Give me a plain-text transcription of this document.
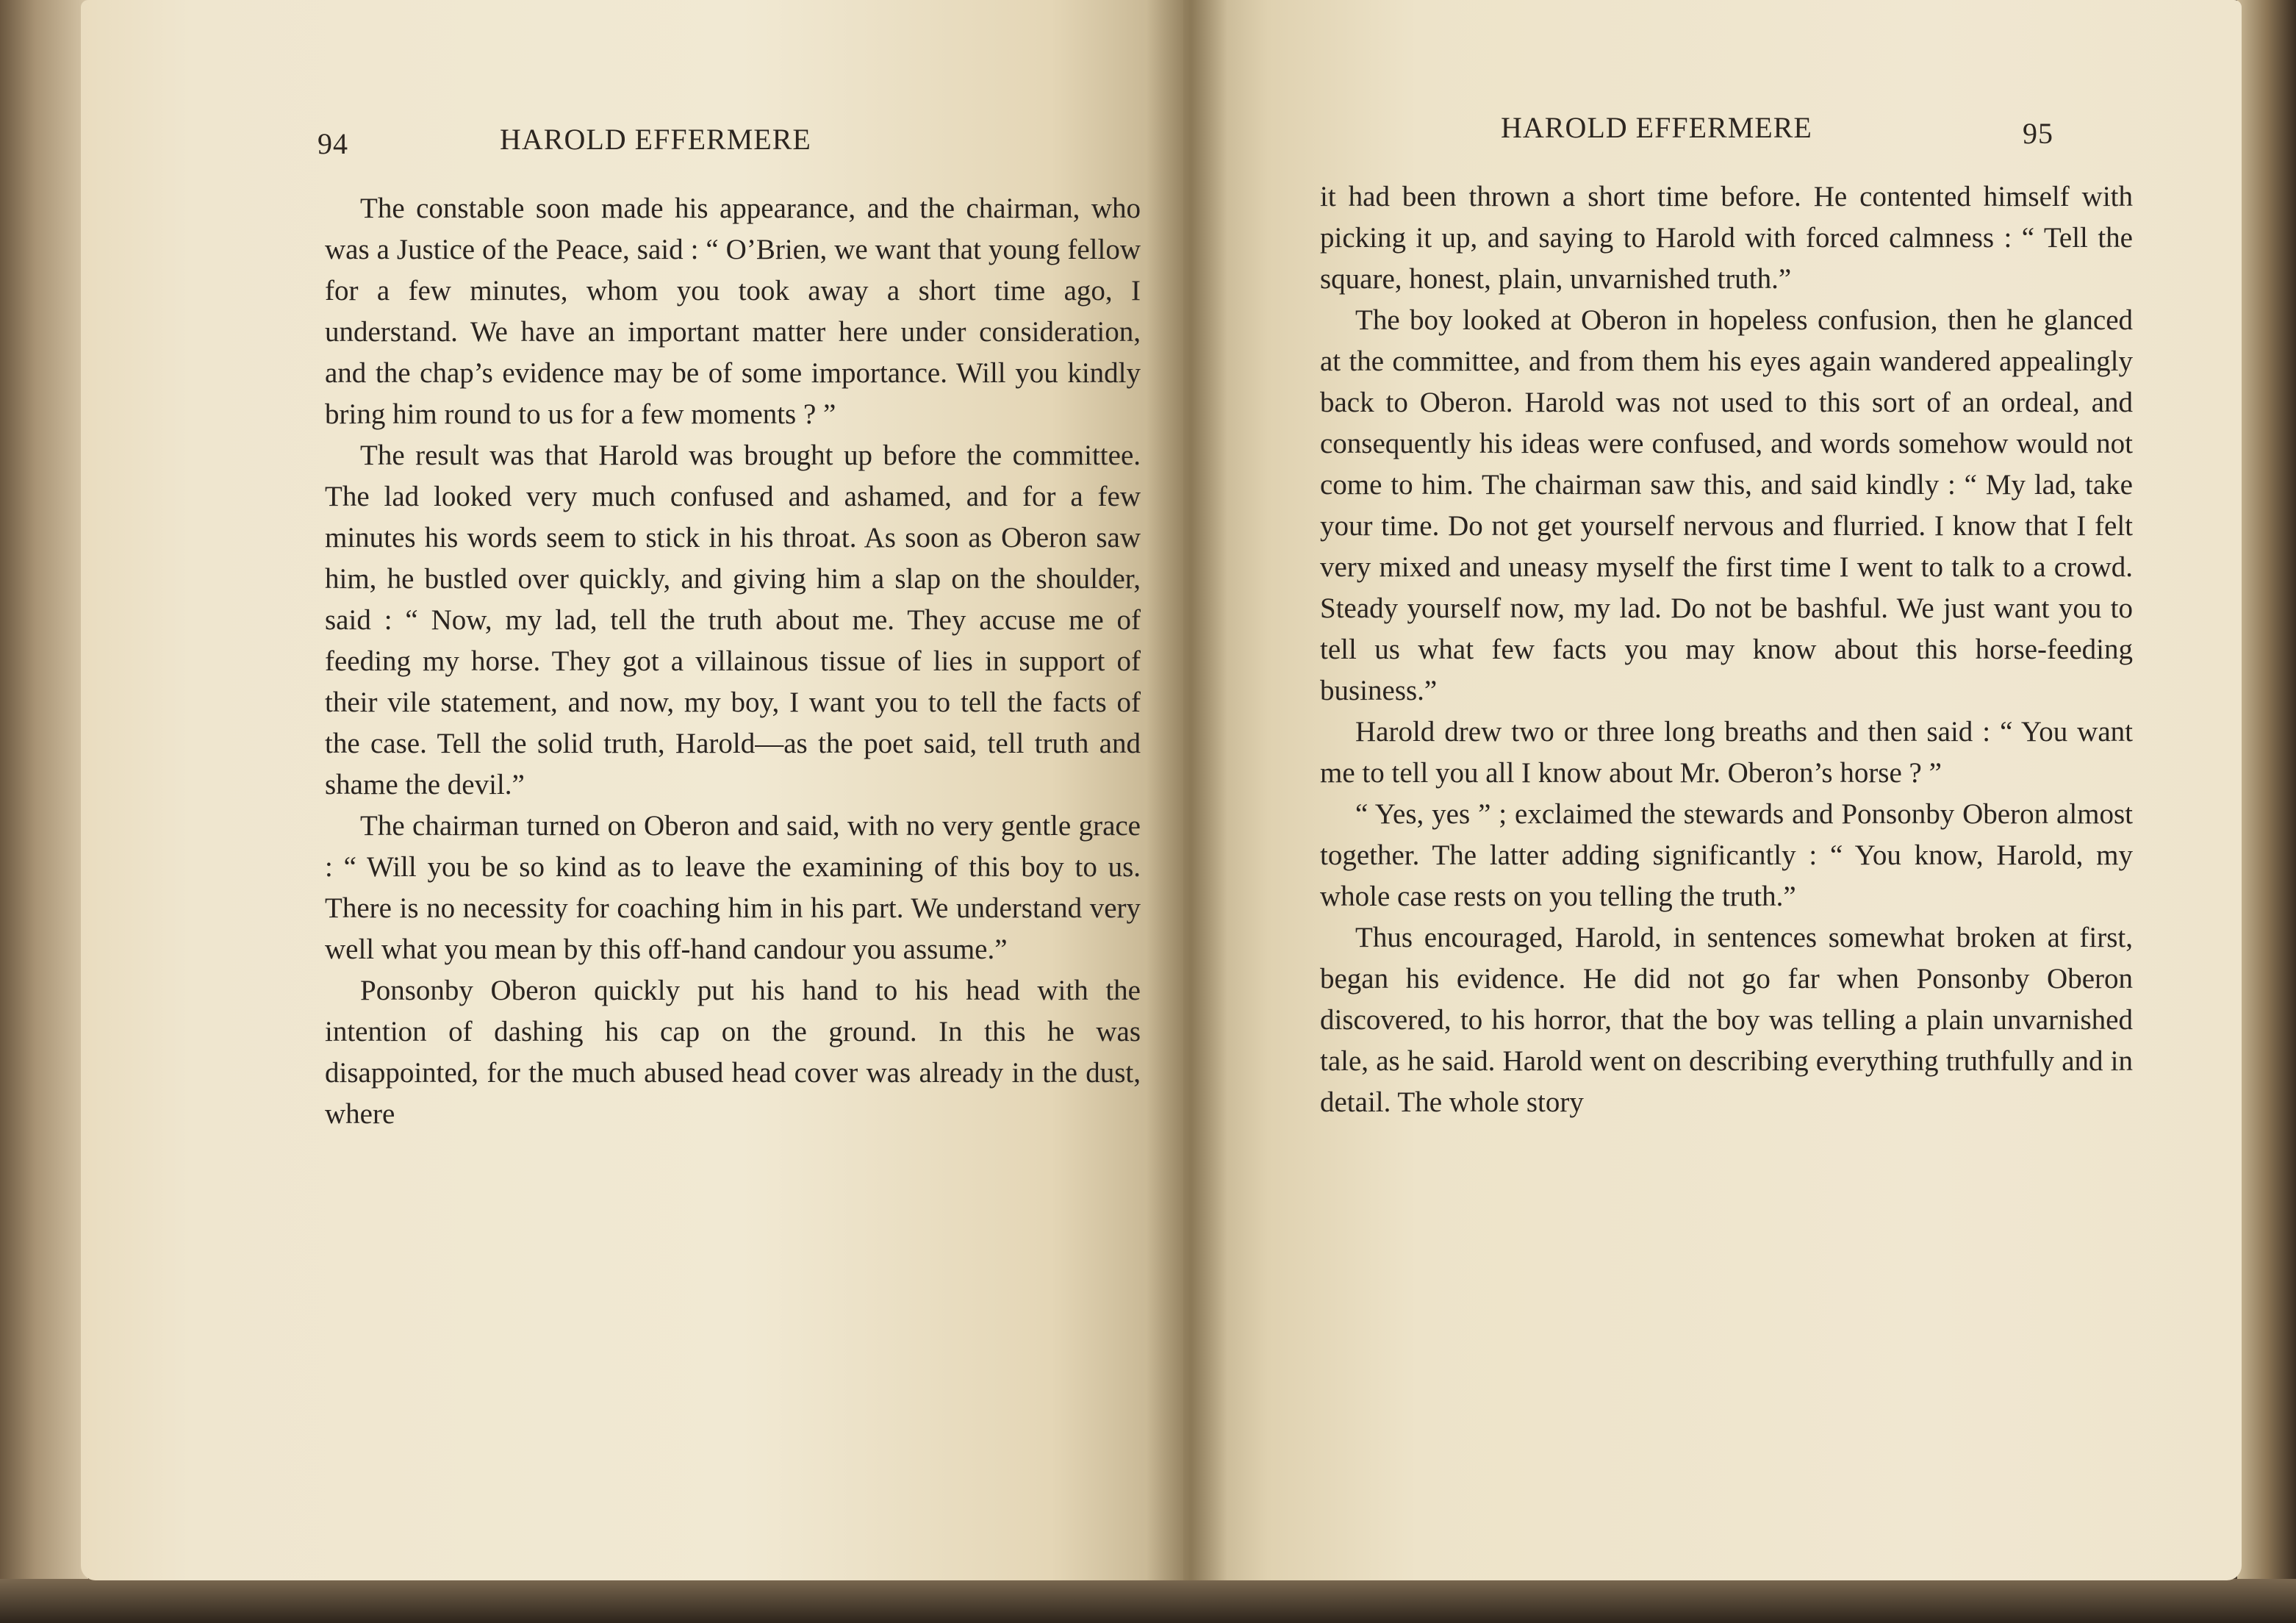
94	HAROLD EFFERMERE

The constable soon made his appearance, and the chairman, who was a Justice of the Peace, said : “ O’Brien, we want that young fellow for a few minutes, whom you took away a short time ago, I understand. We have an important matter here under consideration, and the chap’s evidence may be of some importance. Will you kindly bring him round to us for a few moments ? ”

The result was that Harold was brought up before the committee. The lad looked very much confused and ashamed, and for a few minutes his words seem to stick in his throat. As soon as Oberon saw him, he bustled over quickly, and giving him a slap on the shoulder, said : “ Now, my lad, tell the truth about me. They accuse me of feeding my horse. They got a villainous tissue of lies in support of their vile statement, and now, my boy, I want you to tell the facts of the case. Tell the solid truth, Harold—as the poet said, tell truth and shame the devil.”

The chairman turned on Oberon and said, with no very gentle grace : “ Will you be so kind as to leave the examining of this boy to us. There is no necessity for coaching him in his part. We understand very well what you mean by this off-hand candour you assume.”

Ponsonby Oberon quickly put his hand to his head with the intention of dashing his cap on the ground. In this he was disappointed, for the much abused head cover was already in the dust, where

HAROLD EFFERMERE	95

it had been thrown a short time before. He contented himself with picking it up, and saying to Harold with forced calmness : “ Tell the square, honest, plain, unvarnished truth.”

The boy looked at Oberon in hopeless confusion, then he glanced at the committee, and from them his eyes again wandered appealingly back to Oberon. Harold was not used to this sort of an ordeal, and consequently his ideas were confused, and words somehow would not come to him. The chairman saw this, and said kindly : “ My lad, take your time. Do not get yourself nervous and flurried. I know that I felt very mixed and uneasy myself the first time I went to talk to a crowd. Steady yourself now, my lad. Do not be bashful. We just want you to tell us what few facts you may know about this horse-feeding business.”

Harold drew two or three long breaths and then said : “ You want me to tell you all I know about Mr. Oberon’s horse ? ”

“ Yes, yes ” ; exclaimed the stewards and Ponsonby Oberon almost together. The latter adding significantly : “ You know, Harold, my whole case rests on you telling the truth.”

Thus encouraged, Harold, in sentences somewhat broken at first, began his evidence. He did not go far when Ponsonby Oberon discovered, to his horror, that the boy was telling a plain unvarnished tale, as he said. Harold went on describing everything truthfully and in detail. The whole story
